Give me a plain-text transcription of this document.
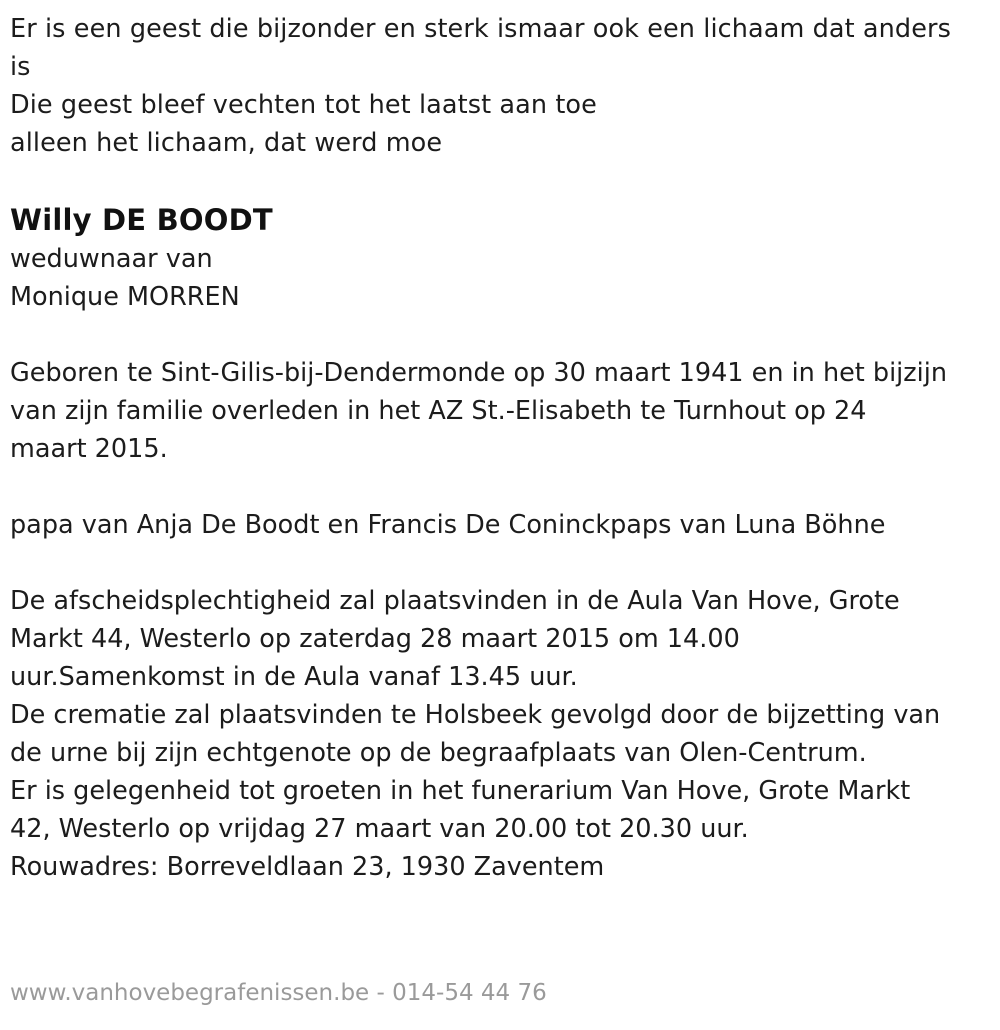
Er is een geest die bijzonder en sterk ismaar ook een lichaam dat anders
is
Die geest bleef vechten tot het laatst aan toe
alleen het lichaam, dat werd moe
Willy DE BOODT
weduwnaar van
Monique MORREN
Geboren te Sint-Gilis-bij-Dendermonde op 30 maart 1941 en in het bijzijn
van zijn familie overleden in het AZ St.-Elisabeth te Turnhout op 24
maart 2015.
papa van Anja De Boodt en Francis De Coninckpaps van Luna Böhne
De afscheidsplechtigheid zal plaatsvinden in de Aula Van Hove, Grote
Markt 44, Westerlo op zaterdag 28 maart 2015 om 14.00
uur.Samenkomst in de Aula vanaf 13.45 uur.
De crematie zal plaatsvinden te Holsbeek gevolgd door de bijzetting van
de urne bij zijn echtgenote op de begraafplaats van Olen-Centrum.
Er is gelegenheid tot groeten in het funerarium Van Hove, Grote Markt
42, Westerlo op vrijdag 27 maart van 20.00 tot 20.30 uur.
Rouwadres: Borreveldlaan 23, 1930 Zaventem
www.vanhovebegrafenissen.be - 014-54 44 76
